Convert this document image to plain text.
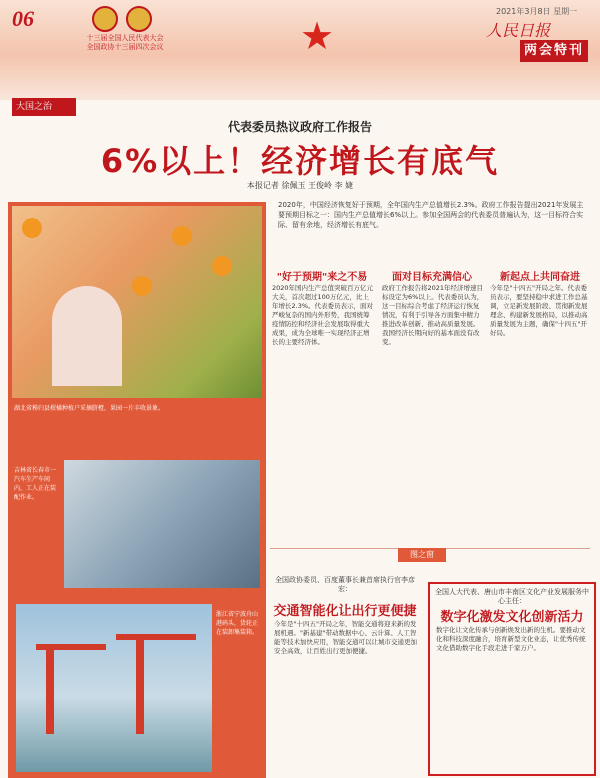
06
十三届全国人民代表大会
全国政协十三届四次会议	★
2021年3月8日 星期一
人民日报
两会特刊
大国之治
代表委员热议政府工作报告
6%以上！经济增长有底气
本报记者 徐佩玉 王俊岭 李 婕
2020年，中国经济恢复好于预期，全年国内生产总值增长2.3%。政府工作报告提出2021年发展主要预期目标之一：国内生产总值增长6%以上。参加全国两会的代表委员普遍认为，这一目标符合实际、留有余地，经济增长有底气。
湖北省秭归县柑橘种植户采摘脐橙，果园一片丰收景象。
吉林省长春市一汽车生产车间内，工人正在装配作业。
浙江省宁波舟山港码头，货轮正在装卸集装箱。
"好于预期"来之不易	面对目标充满信心	新起点上共同奋进
2020年国内生产总值突破百万亿元大关，首次超过100万亿元，比上年增长2.3%。代表委员表示，面对严峻复杂的国内外形势，我国统筹疫情防控和经济社会发展取得重大成果，成为全球唯一实现经济正增长的主要经济体。
政府工作报告将2021年经济增速目标设定为6%以上。代表委员认为，这一目标综合考虑了经济运行恢复情况，有利于引导各方面集中精力推进改革创新、推动高质量发展。我国经济长期向好的基本面没有改变。
今年是"十四五"开局之年。代表委员表示，要坚持稳中求进工作总基调，立足新发展阶段、贯彻新发展理念、构建新发展格局，以推动高质量发展为主题，确保"十四五"开好局。
图之窗
全国政协委员、百度董事长兼首席执行官李彦宏：
交通智能化让出行更便捷
今年是"十四五"开局之年，智能交通将迎来新的发展机遇。"新基建"带动数据中心、云计算、人工智能等技术加快应用，智能交通可以让城市交通更加安全高效，让百姓出行更加便捷。
全国人大代表、唐山市丰南区文化产业发展服务中心主任：
数字化激发文化创新活力
数字化让文化传承与创新焕发出新的生机。要推动文化和科技深度融合，培育新型文化业态，让优秀传统文化借助数字化手段走进千家万户。
